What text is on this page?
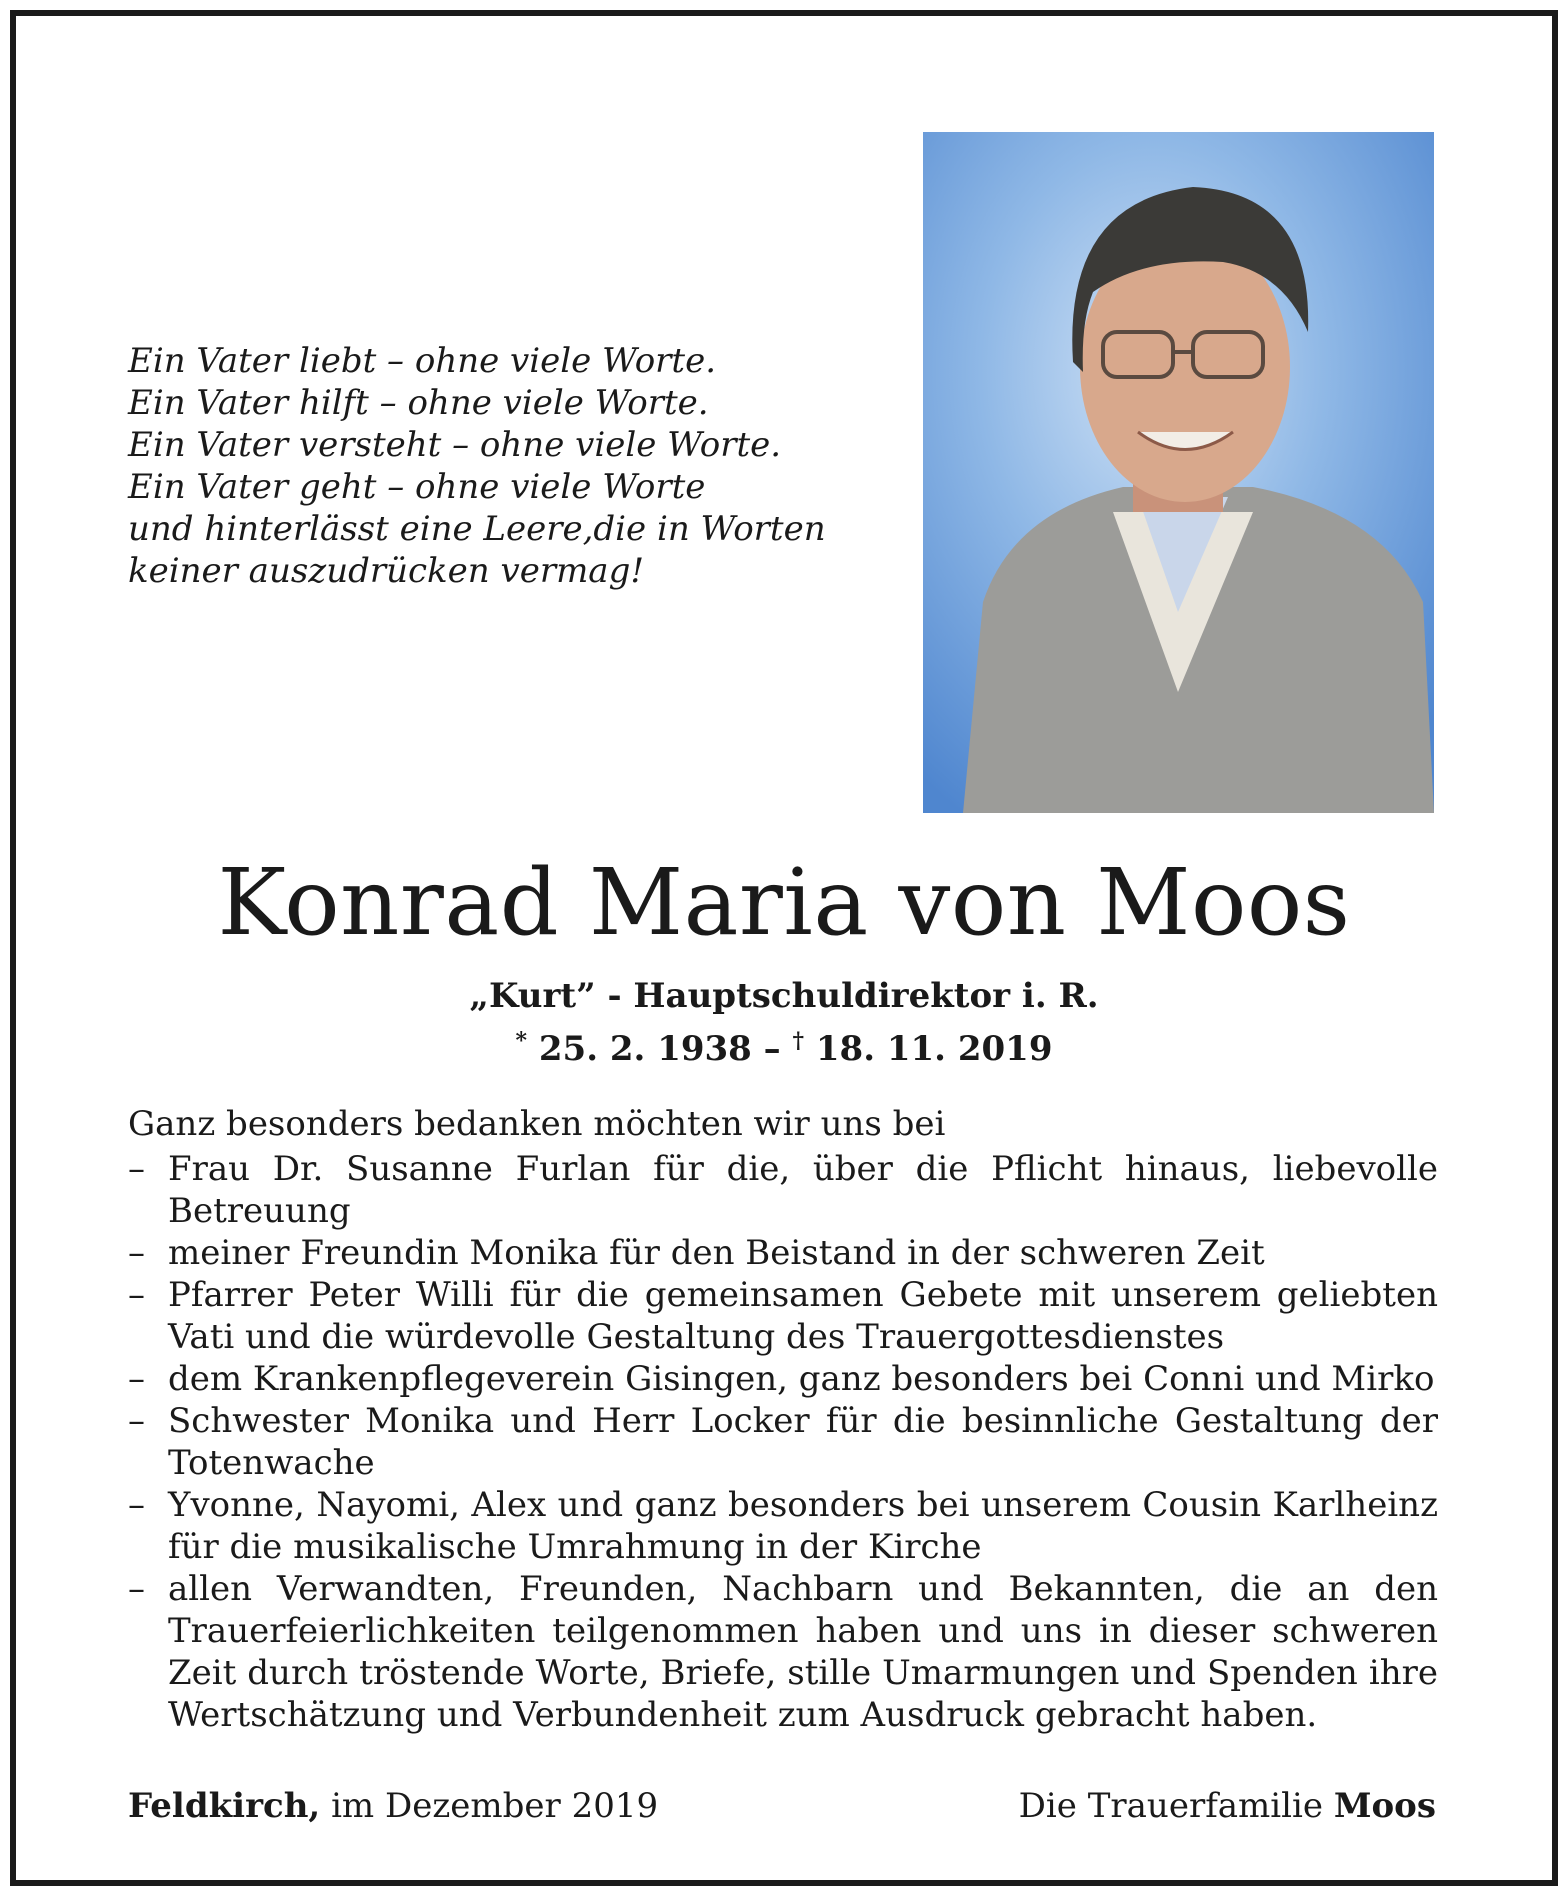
Ein Vater liebt – ohne viele Worte.
Ein Vater hilft – ohne viele Worte.
Ein Vater versteht – ohne viele Worte.
Ein Vater geht – ohne viele Worte
und hinterlässt eine Leere,die in Worten
keiner auszudrücken vermag!
Konrad Maria von Moos
„Kurt” - Hauptschuldirektor i. R.
* 25. 2. 1938 – † 18. 11. 2019
Ganz besonders bedanken möchten wir uns bei
– Frau Dr. Susanne Furlan für die, über die Pflicht hinaus, liebevolle Betreuung
– meiner Freundin Monika für den Beistand in der schweren Zeit
– Pfarrer Peter Willi für die gemeinsamen Gebete mit unserem geliebten Vati und die würdevolle Gestaltung des Trauergottesdienstes
– dem Krankenpflegeverein Gisingen, ganz besonders bei Conni und Mirko
– Schwester Monika und Herr Locker für die besinnliche Gestaltung der Totenwache
– Yvonne, Nayomi, Alex und ganz besonders bei unserem Cousin Karlheinz für die musikalische Umrahmung in der Kirche
– allen Verwandten, Freunden, Nachbarn und Bekannten, die an den Trauerfeierlichkeiten teilgenommen haben und uns in dieser schweren Zeit durch tröstende Worte, Briefe, stille Umarmungen und Spenden ihre Wertschätzung und Verbundenheit zum Ausdruck gebracht haben.
Feldkirch, im Dezember 2019	Die Trauerfamilie Moos
